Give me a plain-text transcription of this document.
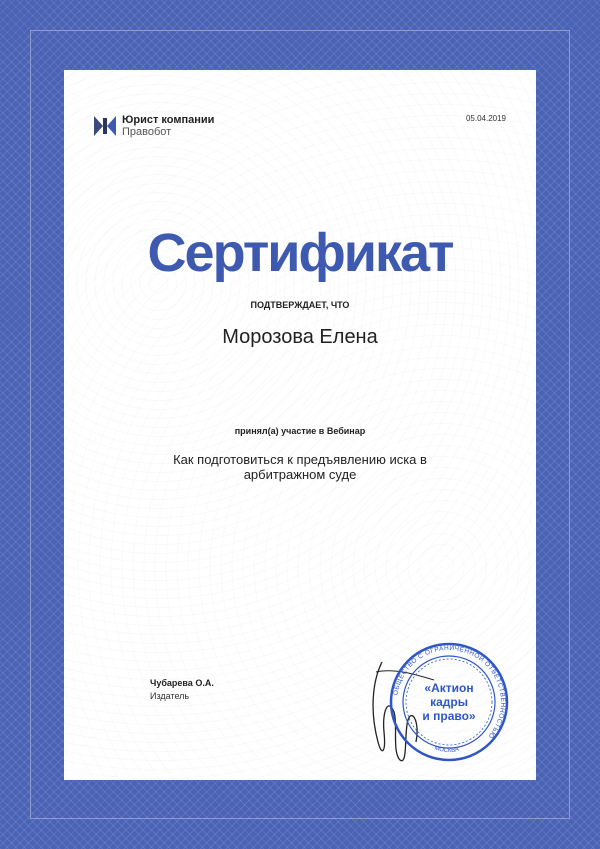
Юрист компании
Правобот
05.04.2019
Сертификат
ПОДТВЕРЖДАЕТ, ЧТО
Морозова Елена
принял(а) участие в Вебинар
Как подготовиться к предъявлению иска в арбитражном суде
Чубарева О.А.
Издатель	ОБЩЕСТВО С ОГРАНИЧЕННОЙ ОТВЕТСТВЕННОСТЬЮ
МОСКВА
«Актион
кадры
и право»
